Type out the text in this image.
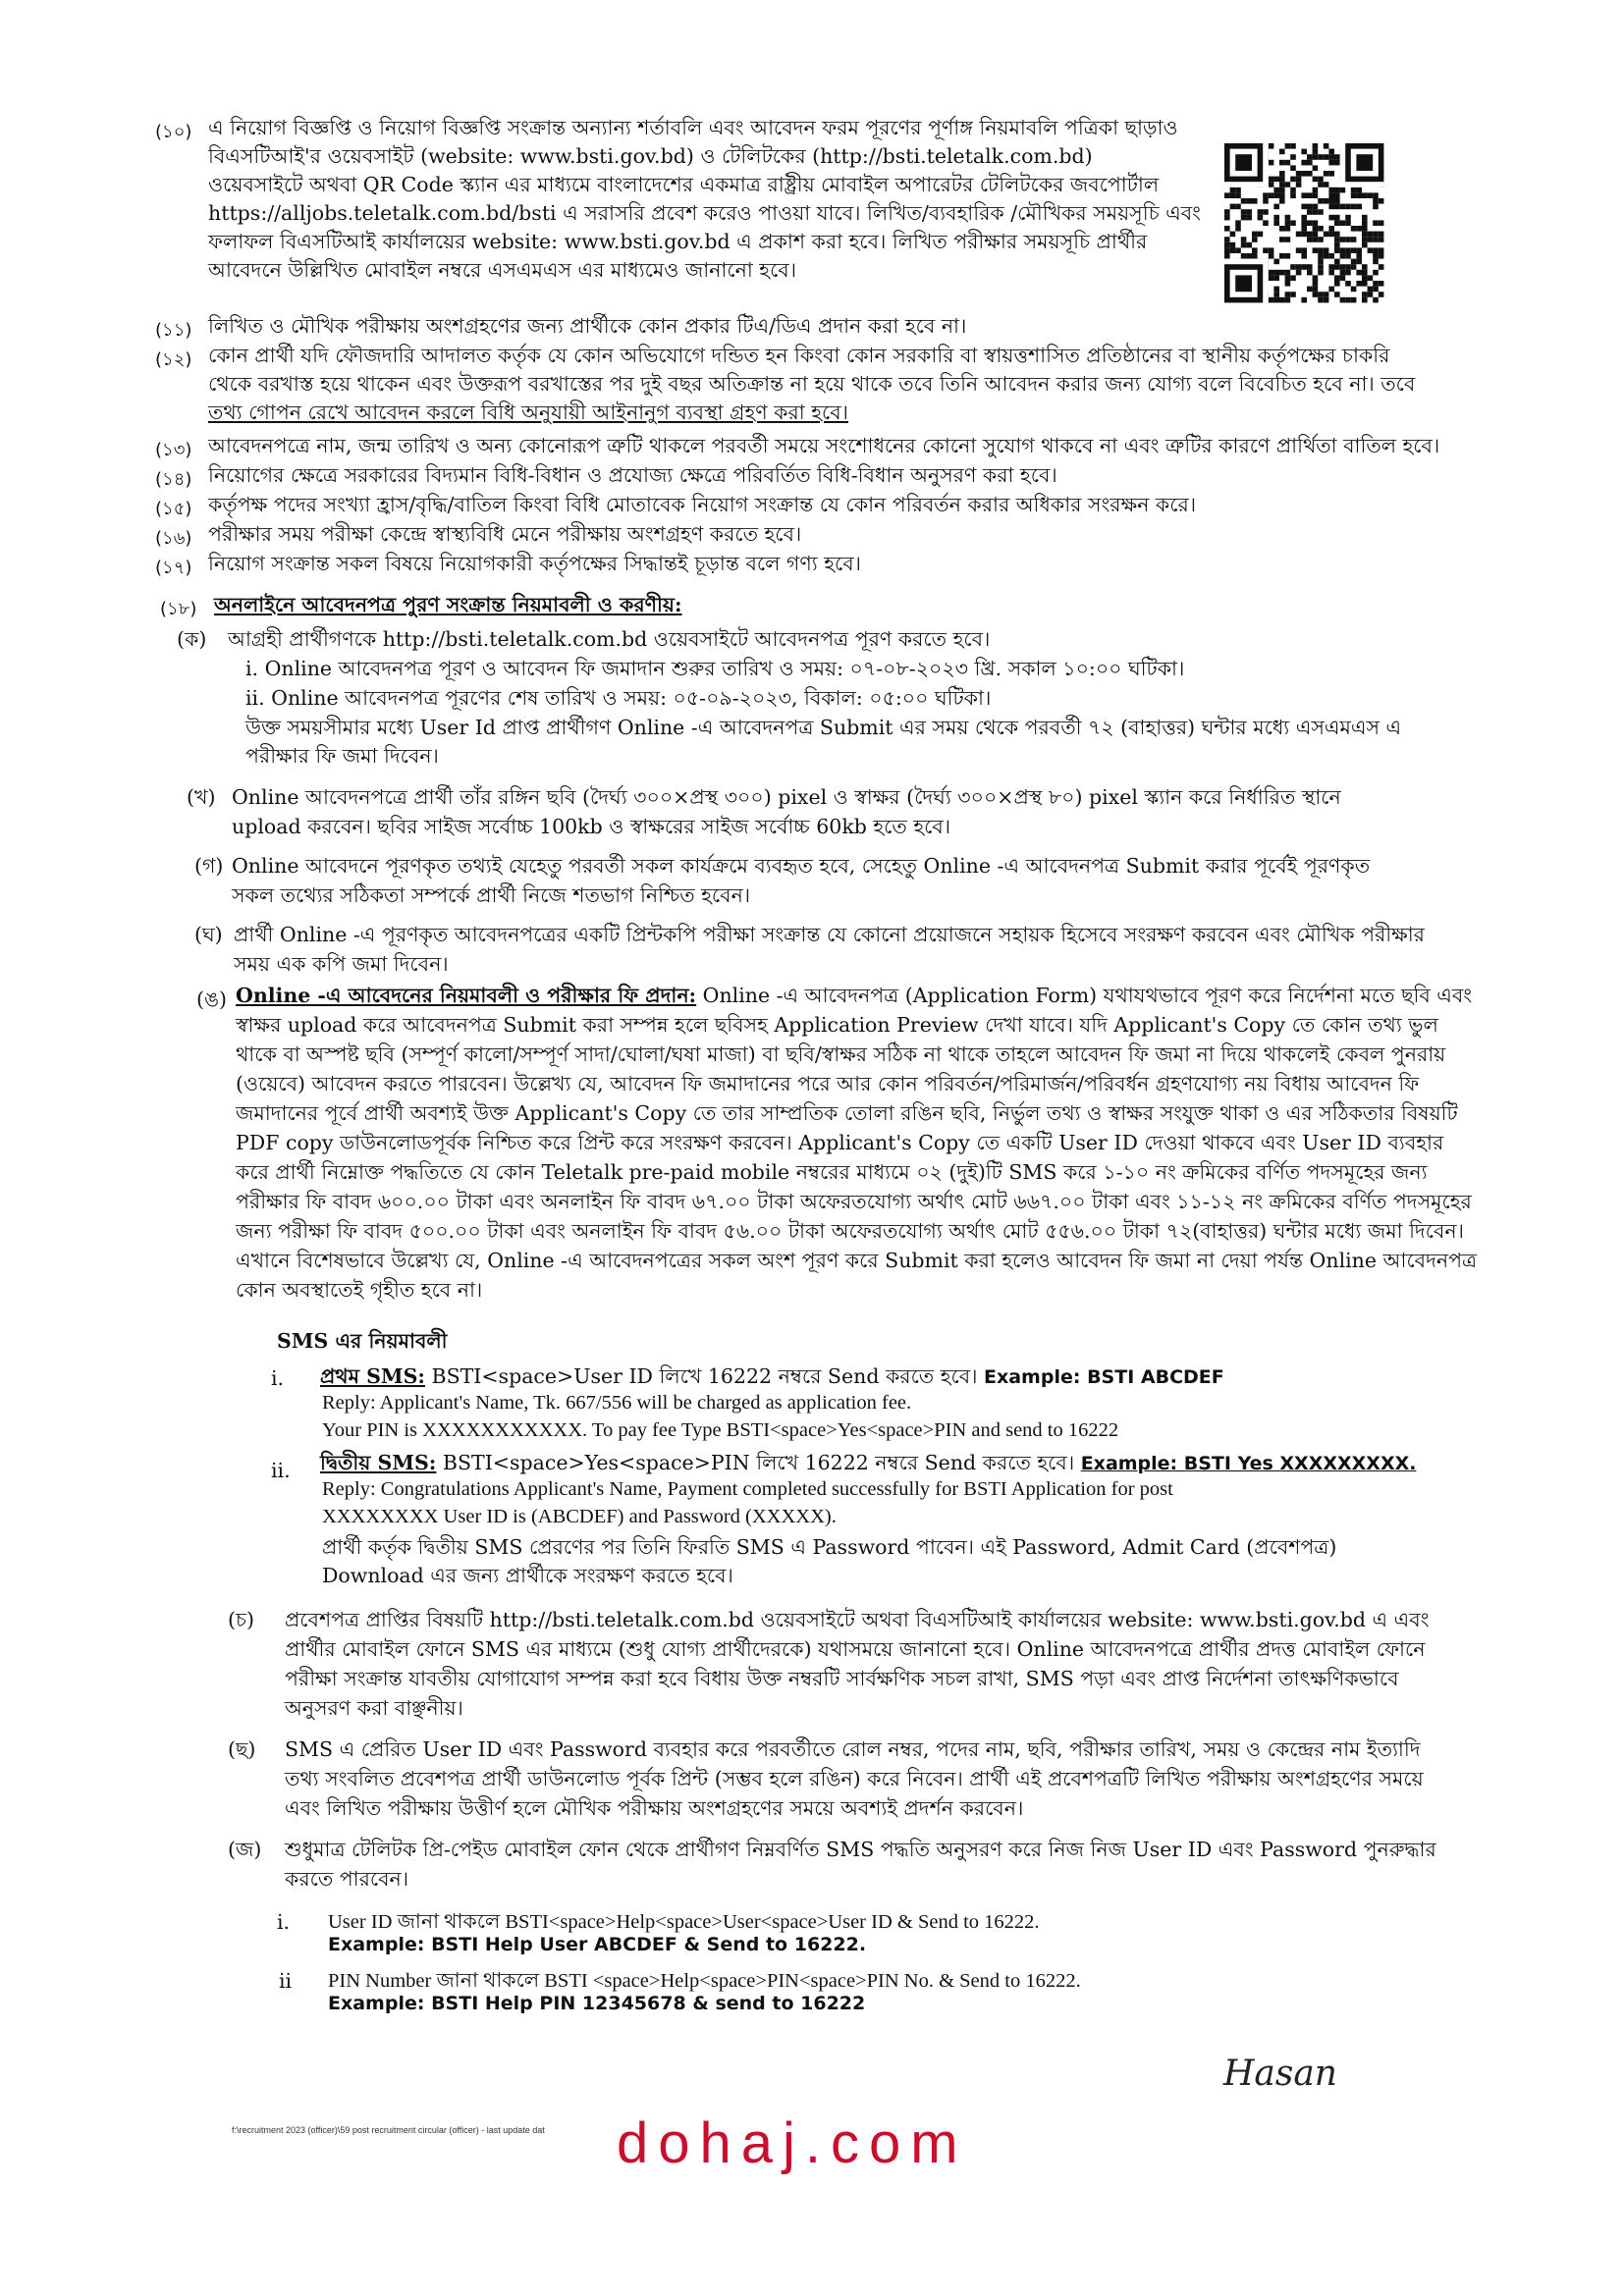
(১০) এ নিয়োগ বিজ্ঞপ্তি ও নিয়োগ বিজ্ঞপ্তি সংক্রান্ত অন্যান্য শর্তাবলি এবং আবেদন ফরম পূরণের পূর্ণাঙ্গ নিয়মাবলি পত্রিকা ছাড়াও
বিএসটিআই'র ওয়েবসাইট (website: www.bsti.gov.bd) ও টেলিটকের (http://bsti.teletalk.com.bd)
ওয়েবসাইটে অথবা QR Code স্ক্যান এর মাধ্যমে বাংলাদেশের একমাত্র রাষ্ট্রীয় মোবাইল অপারেটর টেলিটকের জবপোর্টাল
https://alljobs.teletalk.com.bd/bsti এ সরাসরি প্রবেশ করেও পাওয়া যাবে। লিখিত/ব্যবহারিক /মৌখিকর সময়সূচি এবং
ফলাফল বিএসটিআই কার্যালয়ের website: www.bsti.gov.bd এ প্রকাশ করা হবে। লিখিত পরীক্ষার সময়সূচি প্রার্থীর
আবেদনে উল্লিখিত মোবাইল নম্বরে এসএমএস এর মাধ্যমেও জানানো হবে।
(১১) লিখিত ও মৌখিক পরীক্ষায় অংশগ্রহণের জন্য প্রার্থীকে কোন প্রকার টিএ/ডিএ প্রদান করা হবে না।
(১২) কোন প্রার্থী যদি ফৌজদারি আদালত কর্তৃক যে কোন অভিযোগে দন্ডিত হন কিংবা কোন সরকারি বা স্বায়ত্তশাসিত প্রতিষ্ঠানের বা স্থানীয় কর্তৃপক্ষের চাকরি
থেকে বরখাস্ত হয়ে থাকেন এবং উক্তরূপ বরখাস্তের পর দুই বছর অতিক্রান্ত না হয়ে থাকে তবে তিনি আবেদন করার জন্য যোগ্য বলে বিবেচিত হবে না। তবে
তথ্য গোপন রেখে আবেদন করলে বিধি অনুযায়ী আইনানুগ ব্যবস্থা গ্রহণ করা হবে।
(১৩) আবেদনপত্রে নাম, জন্ম তারিখ ও অন্য কোনোরূপ ত্রুটি থাকলে পরবর্তী সময়ে সংশোধনের কোনো সুযোগ থাকবে না এবং ত্রুটির কারণে প্রার্থিতা বাতিল হবে।
(১৪) নিয়োগের ক্ষেত্রে সরকারের বিদ্যমান বিধি-বিধান ও প্রযোজ্য ক্ষেত্রে পরিবর্তিত বিধি-বিধান অনুসরণ করা হবে।
(১৫) কর্তৃপক্ষ পদের সংখ্যা হ্রাস/বৃদ্ধি/বাতিল কিংবা বিধি মোতাবেক নিয়োগ সংক্রান্ত যে কোন পরিবর্তন করার অধিকার সংরক্ষন করে।
(১৬) পরীক্ষার সময় পরীক্ষা কেন্দ্রে স্বাস্থ্যবিধি মেনে পরীক্ষায় অংশগ্রহণ করতে হবে।
(১৭) নিয়োগ সংক্রান্ত সকল বিষয়ে নিয়োগকারী কর্তৃপক্ষের সিদ্ধান্তই চূড়ান্ত বলে গণ্য হবে।
(১৮) অনলাইনে আবেদনপত্র পুরণ সংক্রান্ত নিয়মাবলী ও করণীয়:
(ক) আগ্রহী প্রার্থীগণকে http://bsti.teletalk.com.bd ওয়েবসাইটে আবেদনপত্র পূরণ করতে হবে।
i. Online আবেদনপত্র পূরণ ও আবেদন ফি জমাদান শুরুর তারিখ ও সময়: ০৭-০৮-২০২৩ খ্রি. সকাল ১০:০০ ঘটিকা।
ii. Online আবেদনপত্র পূরণের শেষ তারিখ ও সময়: ০৫-০৯-২০২৩, বিকাল: ০৫:০০ ঘটিকা।
উক্ত সময়সীমার মধ্যে User Id প্রাপ্ত প্রার্থীগণ Online -এ আবেদনপত্র Submit এর সময় থেকে পরবর্তী ৭২ (বাহাত্তর) ঘন্টার মধ্যে এসএমএস এ
পরীক্ষার ফি জমা দিবেন।
(খ) Online আবেদনপত্রে প্রার্থী তাঁর রঙ্গিন ছবি (দৈর্ঘ্য ৩০০×প্রস্থ ৩০০) pixel ও স্বাক্ষর (দৈর্ঘ্য ৩০০×প্রস্থ ৮০) pixel স্ক্যান করে নির্ধারিত স্থানে
upload করবেন। ছবির সাইজ সর্বোচ্চ 100kb ও স্বাক্ষরের সাইজ সর্বোচ্চ 60kb হতে হবে।
(গ) Online আবেদনে পূরণকৃত তথ্যই যেহেতু পরবর্তী সকল কার্যক্রমে ব্যবহৃত হবে, সেহেতু Online -এ আবেদনপত্র Submit করার পূর্বেই পূরণকৃত
সকল তথ্যের সঠিকতা সম্পর্কে প্রার্থী নিজে শতভাগ নিশ্চিত হবেন।
(ঘ) প্রার্থী Online -এ পূরণকৃত আবেদনপত্রের একটি প্রিন্টকপি পরীক্ষা সংক্রান্ত যে কোনো প্রয়োজনে সহায়ক হিসেবে সংরক্ষণ করবেন এবং মৌখিক পরীক্ষার
সময় এক কপি জমা দিবেন।
(ঙ) Online -এ আবেদনের নিয়মাবলী ও পরীক্ষার ফি প্রদান: Online -এ আবেদনপত্র (Application Form) যথাযথভাবে পূরণ করে নির্দেশনা মতে ছবি এবং
স্বাক্ষর upload করে আবেদনপত্র Submit করা সম্পন্ন হলে ছবিসহ Application Preview দেখা যাবে। যদি Applicant's Copy তে কোন তথ্য ভুল
থাকে বা অস্পষ্ট ছবি (সম্পূর্ণ কালো/সম্পূর্ণ সাদা/ঘোলা/ঘষা মাজা) বা ছবি/স্বাক্ষর সঠিক না থাকে তাহলে আবেদন ফি জমা না দিয়ে থাকলেই কেবল পুনরায়
(ওয়েবে) আবেদন করতে পারবেন। উল্লেখ্য যে, আবেদন ফি জমাদানের পরে আর কোন পরিবর্তন/পরিমার্জন/পরিবর্ধন গ্রহণযোগ্য নয় বিধায় আবেদন ফি
জমাদানের পূর্বে প্রার্থী অবশ্যই উক্ত Applicant's Copy তে তার সাম্প্রতিক তোলা রঙিন ছবি, নির্ভুল তথ্য ও স্বাক্ষর সংযুক্ত থাকা ও এর সঠিকতার বিষয়টি
PDF copy ডাউনলোডপূর্বক নিশ্চিত করে প্রিন্ট করে সংরক্ষণ করবেন। Applicant's Copy তে একটি User ID দেওয়া থাকবে এবং User ID ব্যবহার
করে প্রার্থী নিম্নোক্ত পদ্ধতিতে যে কোন Teletalk pre-paid mobile নম্বরের মাধ্যমে ০২ (দুই)টি SMS করে ১-১০ নং ক্রমিকের বর্ণিত পদসমূহের জন্য
পরীক্ষার ফি বাবদ ৬০০.০০ টাকা এবং অনলাইন ফি বাবদ ৬৭.০০ টাকা অফেরতযোগ্য অর্থাৎ মোট ৬৬৭.০০ টাকা এবং ১১-১২ নং ক্রমিকের বর্ণিত পদসমূহের
জন্য পরীক্ষা ফি বাবদ ৫০০.০০ টাকা এবং অনলাইন ফি বাবদ ৫৬.০০ টাকা অফেরতযোগ্য অর্থাৎ মোট ৫৫৬.০০ টাকা ৭২(বাহাত্তর) ঘন্টার মধ্যে জমা দিবেন।
এখানে বিশেষভাবে উল্লেখ্য যে, Online -এ আবেদনপত্রের সকল অংশ পূরণ করে Submit করা হলেও আবেদন ফি জমা না দেয়া পর্যন্ত Online আবেদনপত্র
কোন অবস্থাতেই গৃহীত হবে না।
SMS এর নিয়মাবলী
i. প্রথম SMS: BSTI<space>User ID লিখে 16222 নম্বরে Send করতে হবে। Example: BSTI ABCDEF
Reply: Applicant's Name, Tk. 667/556 will be charged as application fee.
Your PIN is XXXXXXXXXXX. To pay fee Type BSTI<space>Yes<space>PIN and send to 16222
ii. দ্বিতীয় SMS: BSTI<space>Yes<space>PIN লিখে 16222 নম্বরে Send করতে হবে। Example: BSTI Yes XXXXXXXXX.
Reply: Congratulations Applicant's Name, Payment completed successfully for BSTI Application for post
XXXXXXXX User ID is (ABCDEF) and Password (XXXXX).
প্রার্থী কর্তৃক দ্বিতীয় SMS প্রেরণের পর তিনি ফিরতি SMS এ Password পাবেন। এই Password, Admit Card (প্রবেশপত্র)
Download এর জন্য প্রার্থীকে সংরক্ষণ করতে হবে।
(চ) প্রবেশপত্র প্রাপ্তির বিষয়টি http://bsti.teletalk.com.bd ওয়েবসাইটে অথবা বিএসটিআই কার্যালয়ের website: www.bsti.gov.bd এ এবং
প্রার্থীর মোবাইল ফোনে SMS এর মাধ্যমে (শুধু যোগ্য প্রার্থীদেরকে) যথাসময়ে জানানো হবে। Online আবেদনপত্রে প্রার্থীর প্রদত্ত মোবাইল ফোনে
পরীক্ষা সংক্রান্ত যাবতীয় যোগাযোগ সম্পন্ন করা হবে বিধায় উক্ত নম্বরটি সার্বক্ষণিক সচল রাখা, SMS পড়া এবং প্রাপ্ত নির্দেশনা তাৎক্ষণিকভাবে
অনুসরণ করা বাঞ্ছনীয়।
(ছ) SMS এ প্রেরিত User ID এবং Password ব্যবহার করে পরবর্তীতে রোল নম্বর, পদের নাম, ছবি, পরীক্ষার তারিখ, সময় ও কেন্দ্রের নাম ইত্যাদি
তথ্য সংবলিত প্রবেশপত্র প্রার্থী ডাউনলোড পূর্বক প্রিন্ট (সম্ভব হলে রঙিন) করে নিবেন। প্রার্থী এই প্রবেশপত্রটি লিখিত পরীক্ষায় অংশগ্রহণের সময়ে
এবং লিখিত পরীক্ষায় উত্তীর্ণ হলে মৌখিক পরীক্ষায় অংশগ্রহণের সময়ে অবশ্যই প্রদর্শন করবেন।
(জ) শুধুমাত্র টেলিটক প্রি-পেইড মোবাইল ফোন থেকে প্রার্থীগণ নিম্নবর্ণিত SMS পদ্ধতি অনুসরণ করে নিজ নিজ User ID এবং Password পুনরুদ্ধার
করতে পারবেন।
i. User ID জানা থাকলে BSTI<space>Help<space>User<space>User ID & Send to 16222.
Example: BSTI Help User ABCDEF & Send to 16222.
ii PIN Number জানা থাকলে BSTI <space>Help<space>PIN<space>PIN No. & Send to 16222.
Example: BSTI Help PIN 12345678 & send to 16222
Hasan
f:\recruitment 2023 (officer)\59 post recruitment circular (officer) - last update dat dohaj.com
